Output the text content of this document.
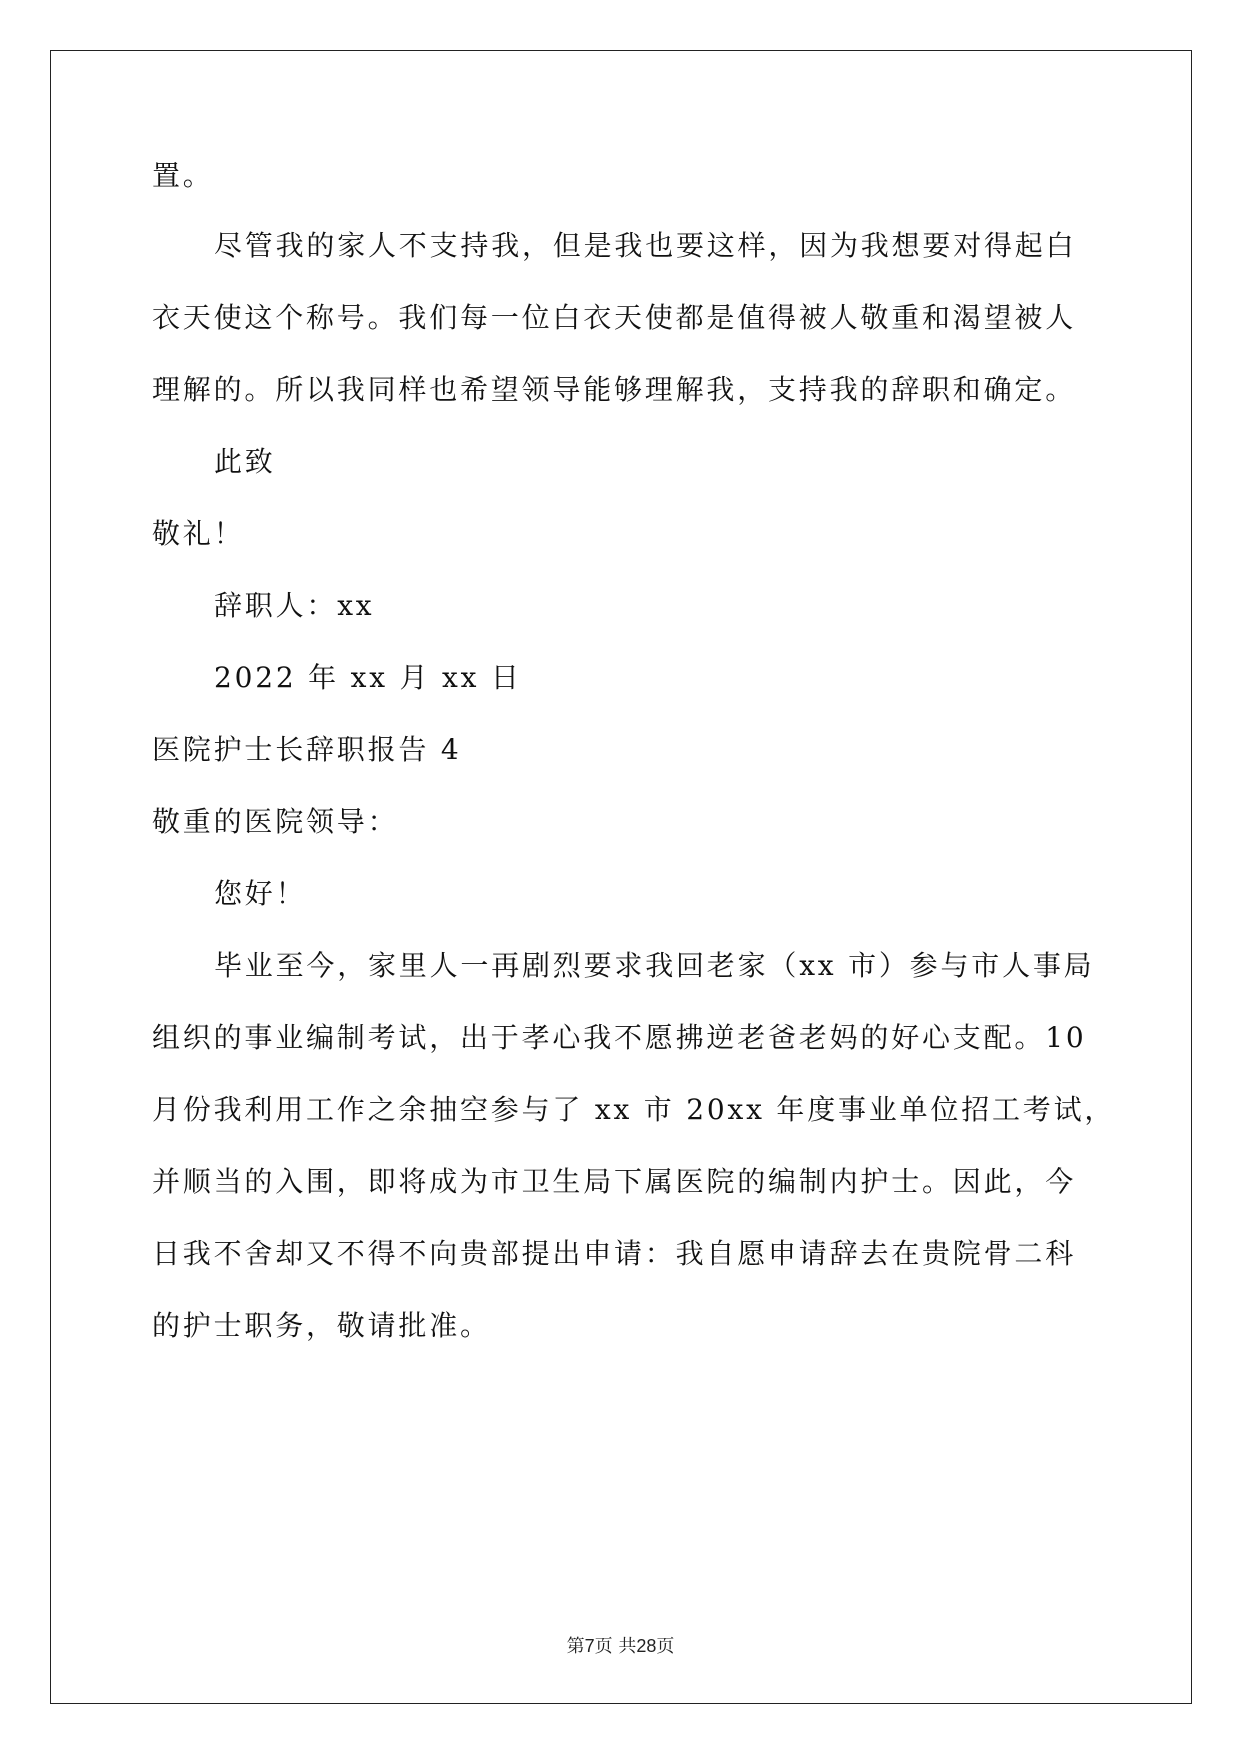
置。
尽管我的家人不支持我，但是我也要这样，因为我想要对得起白
衣天使这个称号。我们每一位白衣天使都是值得被人敬重和渴望被人
理解的。所以我同样也希望领导能够理解我，支持我的辞职和确定。
此致
敬礼！
辞职人：xx
2022 年 xx 月 xx 日
医院护士长辞职报告 4
敬重的医院领导：
您好！
毕业至今，家里人一再剧烈要求我回老家（xx 市）参与市人事局
组织的事业编制考试，出于孝心我不愿拂逆老爸老妈的好心支配。10
月份我利用工作之余抽空参与了 xx 市 20xx 年度事业单位招工考试，
并顺当的入围，即将成为市卫生局下属医院的编制内护士。因此，今
日我不舍却又不得不向贵部提出申请：我自愿申请辞去在贵院骨二科
的护士职务，敬请批准。
第7页 共28页
